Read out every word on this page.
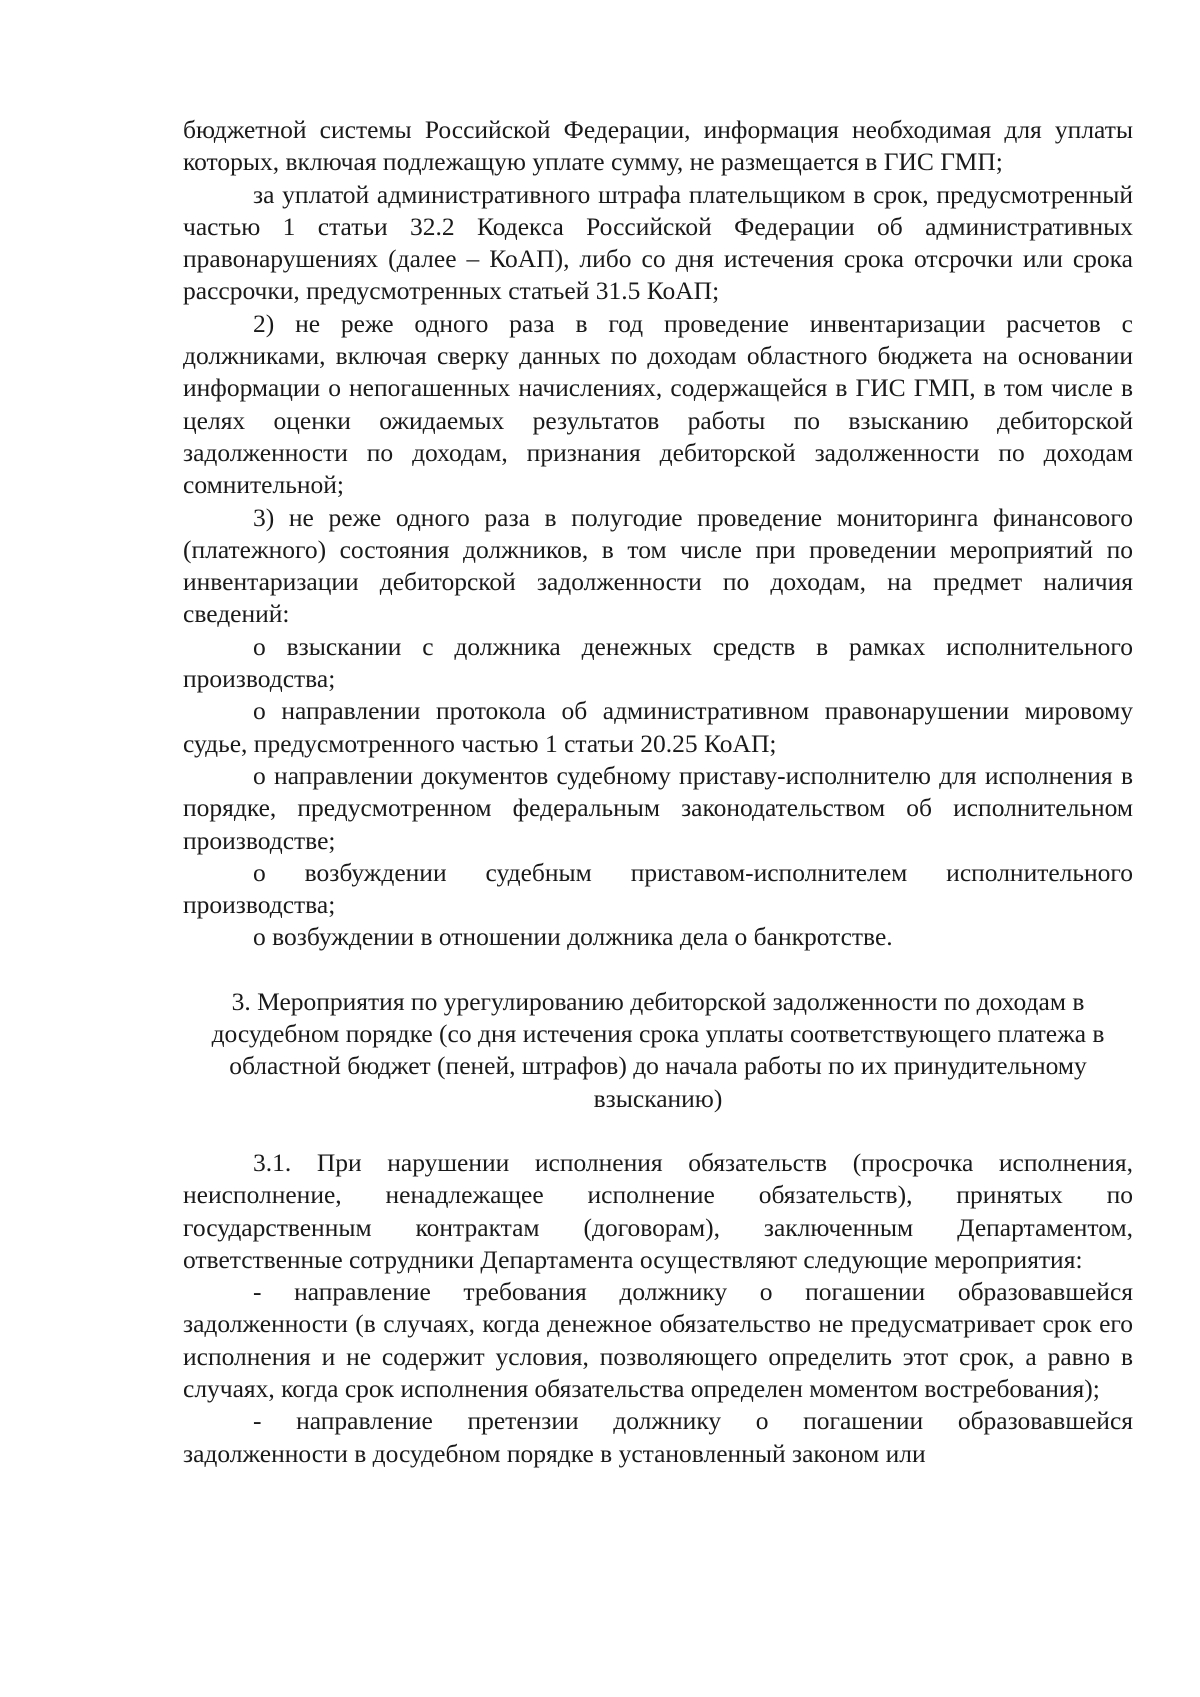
бюджетной системы Российской Федерации, информация необходимая для уплаты которых, включая подлежащую уплате сумму, не размещается в ГИС ГМП;

за уплатой административного штрафа плательщиком в срок, предусмотренный частью 1 статьи 32.2 Кодекса Российской Федерации об административных правонарушениях (далее – КоАП), либо со дня истечения срока отсрочки или срока рассрочки, предусмотренных статьей 31.5 КоАП;

2) не реже одного раза в год проведение инвентаризации расчетов с должниками, включая сверку данных по доходам областного бюджета на основании информации о непогашенных начислениях, содержащейся в ГИС ГМП, в том числе в целях оценки ожидаемых результатов работы по взысканию дебиторской задолженности по доходам, признания дебиторской задолженности по доходам сомнительной;

3) не реже одного раза в полугодие проведение мониторинга финансового (платежного) состояния должников, в том числе при проведении мероприятий по инвентаризации дебиторской задолженности по доходам, на предмет наличия сведений:

о взыскании с должника денежных средств в рамках исполнительного производства;

о направлении протокола об административном правонарушении мировому судье, предусмотренного частью 1 статьи 20.25 КоАП;

о направлении документов судебному приставу-исполнителю для исполнения в порядке, предусмотренном федеральным законодательством об исполнительном производстве;

о возбуждении судебным приставом-исполнителем исполнительного производства;

о возбуждении в отношении должника дела о банкротстве.

3. Мероприятия по урегулированию дебиторской задолженности по доходам в досудебном порядке (со дня истечения срока уплаты соответствующего платежа в областной бюджет (пеней, штрафов) до начала работы по их принудительному взысканию)

3.1. При нарушении исполнения обязательств (просрочка исполнения, неисполнение, ненадлежащее исполнение обязательств), принятых по государственным контрактам (договорам), заключенным Департаментом, ответственные сотрудники Департамента осуществляют следующие мероприятия:

- направление требования должнику о погашении образовавшейся задолженности (в случаях, когда денежное обязательство не предусматривает срок его исполнения и не содержит условия, позволяющего определить этот срок, а равно в случаях, когда срок исполнения обязательства определен моментом востребования);

- направление претензии должнику о погашении образовавшейся задолженности в досудебном порядке в установленный законом или
